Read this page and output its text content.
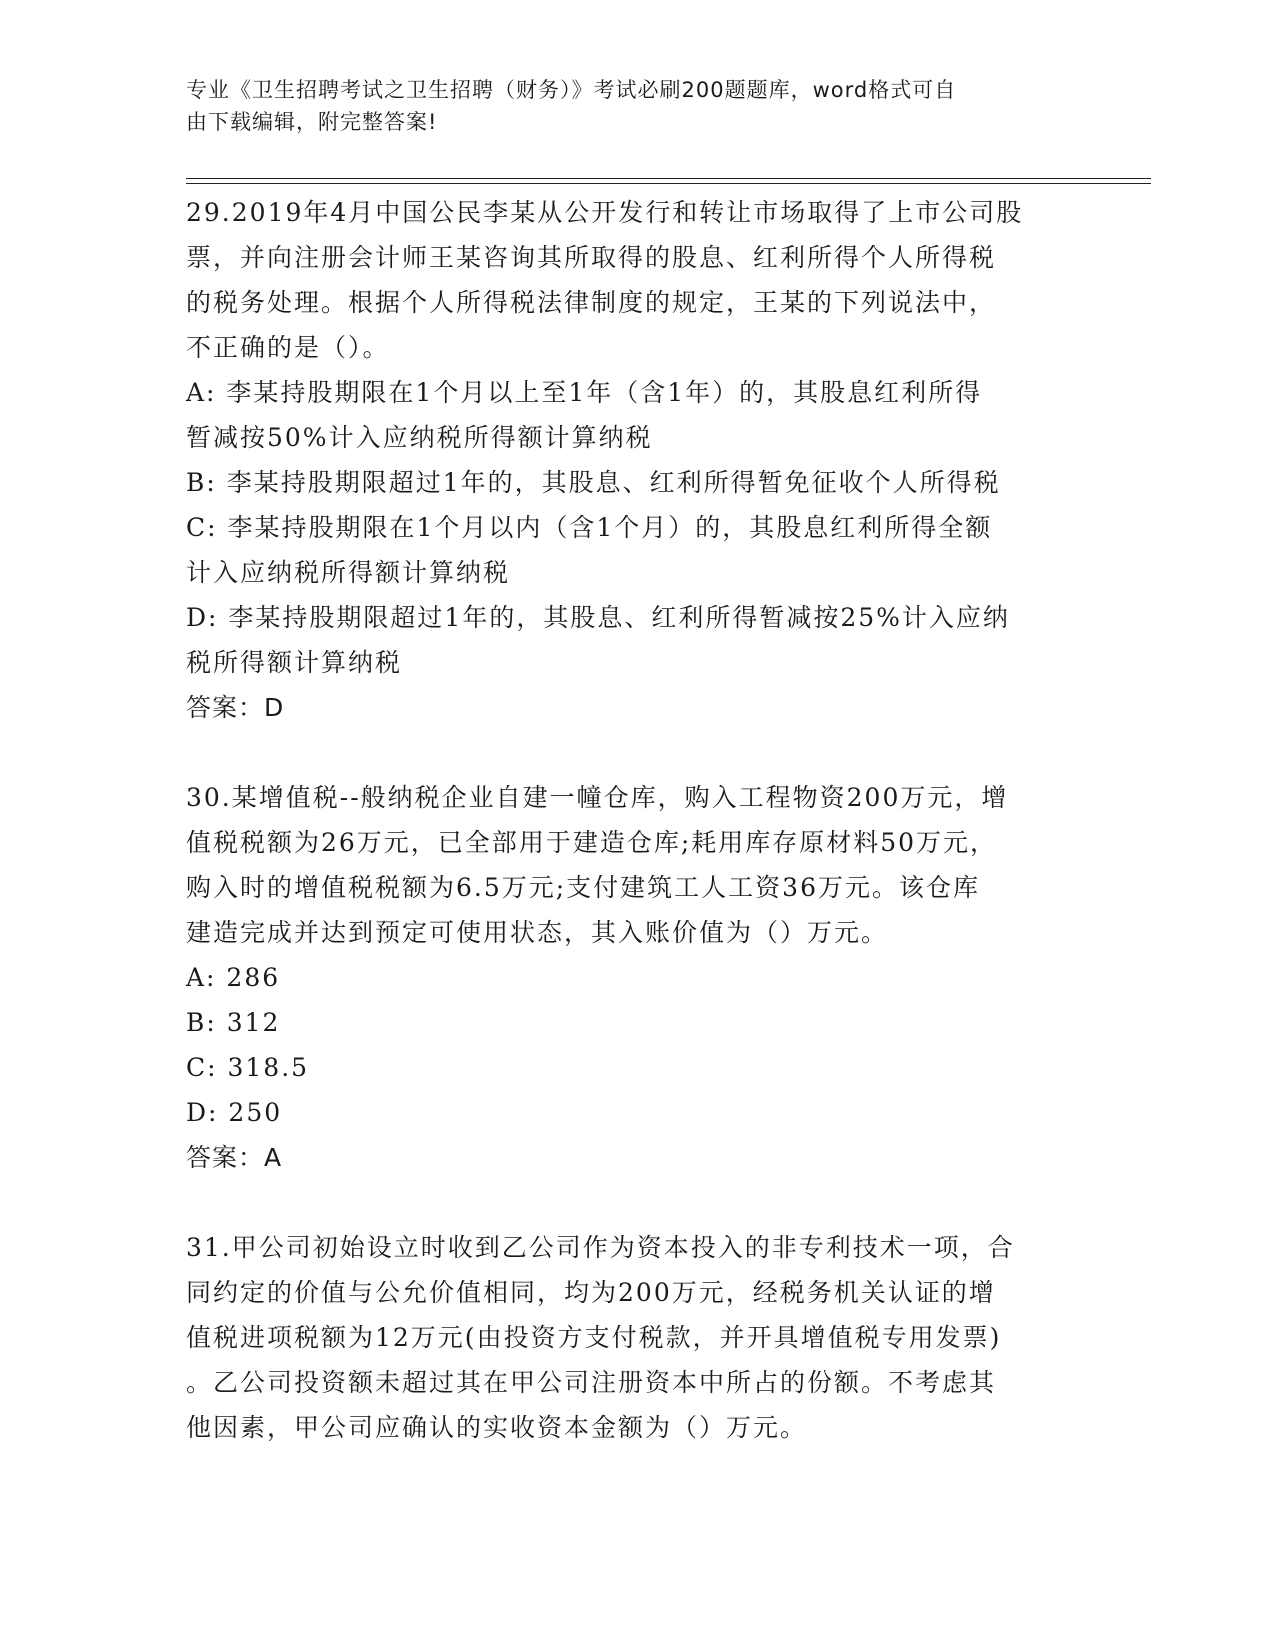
专业《卫生招聘考试之卫生招聘（财务）》考试必刷200题题库，word格式可自
由下载编辑，附完整答案!
29.2019年4月中国公民李某从公开发行和转让市场取得了上市公司股
票，并向注册会计师王某咨询其所取得的股息、红利所得个人所得税
的税务处理。根据个人所得税法律制度的规定，王某的下列说法中，
不正确的是（）。
A: 李某持股期限在1个月以上至1年（含1年）的，其股息红利所得
暂减按50%计入应纳税所得额计算纳税
B: 李某持股期限超过1年的，其股息、红利所得暂免征收个人所得税
C: 李某持股期限在1个月以内（含1个月）的，其股息红利所得全额
计入应纳税所得额计算纳税
D: 李某持股期限超过1年的，其股息、红利所得暂减按25%计入应纳
税所得额计算纳税
答案：D
30.某增值税--般纳税企业自建一幢仓库，购入工程物资200万元，增
值税税额为26万元，已全部用于建造仓库;耗用库存原材料50万元，
购入时的增值税税额为6.5万元;支付建筑工人工资36万元。该仓库
建造完成并达到预定可使用状态，其入账价值为（）万元。
A: 286
B: 312
C: 318.5
D: 250
答案：A
31.甲公司初始设立时收到乙公司作为资本投入的非专利技术一项，合
同约定的价值与公允价值相同，均为200万元，经税务机关认证的增
值税进项税额为12万元(由投资方支付税款，并开具增值税专用发票)
。乙公司投资额未超过其在甲公司注册资本中所占的份额。不考虑其
他因素，甲公司应确认的实收资本金额为（）万元。
